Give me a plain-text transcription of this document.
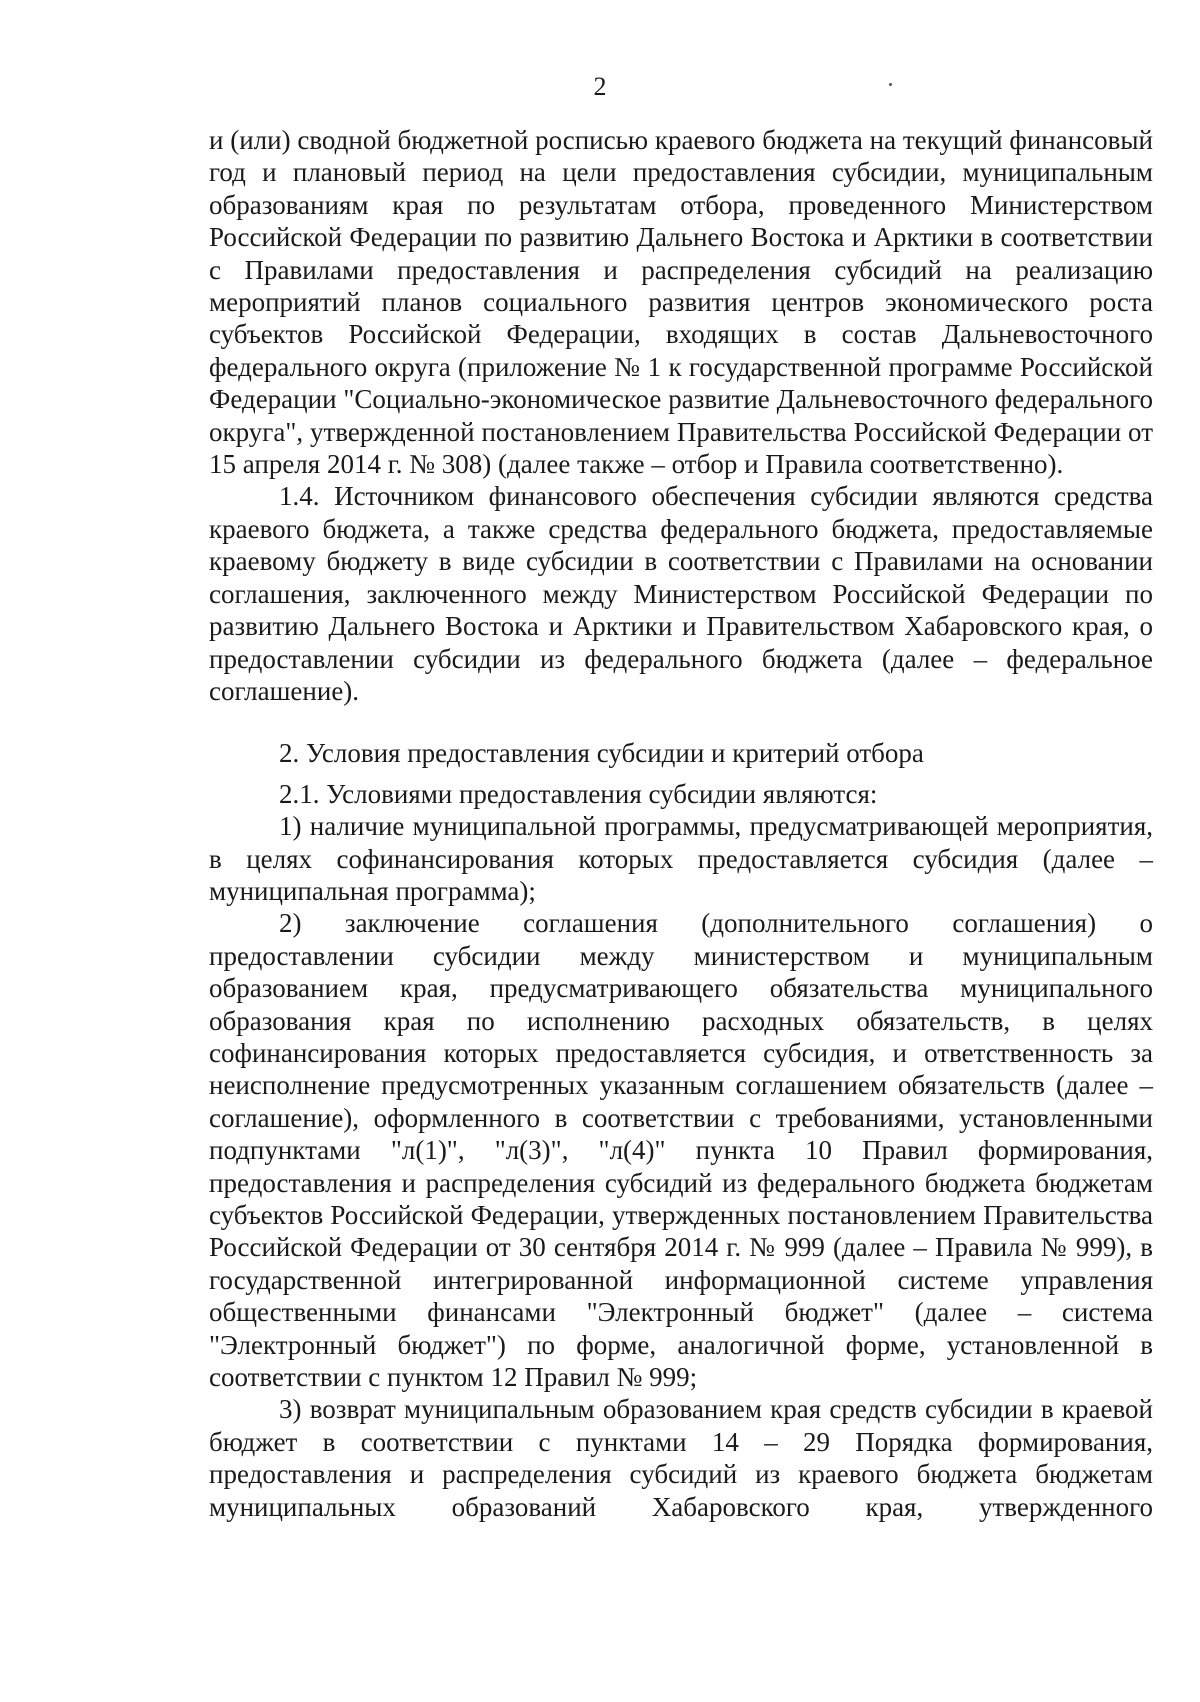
2

и (или) сводной бюджетной росписью краевого бюджета на текущий финансовый год и плановый период на цели предоставления субсидии, муниципальным образованиям края по результатам отбора, проведенного Министерством Российской Федерации по развитию Дальнего Востока и Арктики в соответствии с Правилами предоставления и распределения субсидий на реализацию мероприятий планов социального развития центров экономического роста субъектов Российской Федерации, входящих в состав Дальневосточного федерального округа (приложение № 1 к государственной программе Российской Федерации "Социально-экономическое развитие Дальневосточного федерального округа", утвержденной постановлением Правительства Российской Федерации от 15 апреля 2014 г. № 308) (далее также – отбор и Правила соответственно).

1.4. Источником финансового обеспечения субсидии являются средства краевого бюджета, а также средства федерального бюджета, предоставляемые краевому бюджету в виде субсидии в соответствии с Правилами на основании соглашения, заключенного между Министерством Российской Федерации по развитию Дальнего Востока и Арктики и Правительством Хабаровского края, о предоставлении субсидии из федерального бюджета (далее – федеральное соглашение).

2. Условия предоставления субсидии и критерий отбора

2.1. Условиями предоставления субсидии являются:

1) наличие муниципальной программы, предусматривающей мероприятия, в целях софинансирования которых предоставляется субсидия (далее – муниципальная программа);

2) заключение соглашения (дополнительного соглашения) о предоставлении субсидии между министерством и муниципальным образованием края, предусматривающего обязательства муниципального образования края по исполнению расходных обязательств, в целях софинансирования которых предоставляется субсидия, и ответственность за неисполнение предусмотренных указанным соглашением обязательств (далее – соглашение), оформленного в соответствии с требованиями, установленными подпунктами "л(1)", "л(3)", "л(4)" пункта 10 Правил формирования, предоставления и распределения субсидий из федерального бюджета бюджетам субъектов Российской Федерации, утвержденных постановлением Правительства Российской Федерации от 30 сентября 2014 г. № 999 (далее – Правила № 999), в государственной интегрированной информационной системе управления общественными финансами "Электронный бюджет" (далее – система "Электронный бюджет") по форме, аналогичной форме, установленной в соответствии с пунктом 12 Правил № 999;

3) возврат муниципальным образованием края средств субсидии в краевой бюджет в соответствии с пунктами 14 – 29 Порядка формирования, предоставления и распределения субсидий из краевого бюджета бюджетам муниципальных образований Хабаровского края, утвержденного
